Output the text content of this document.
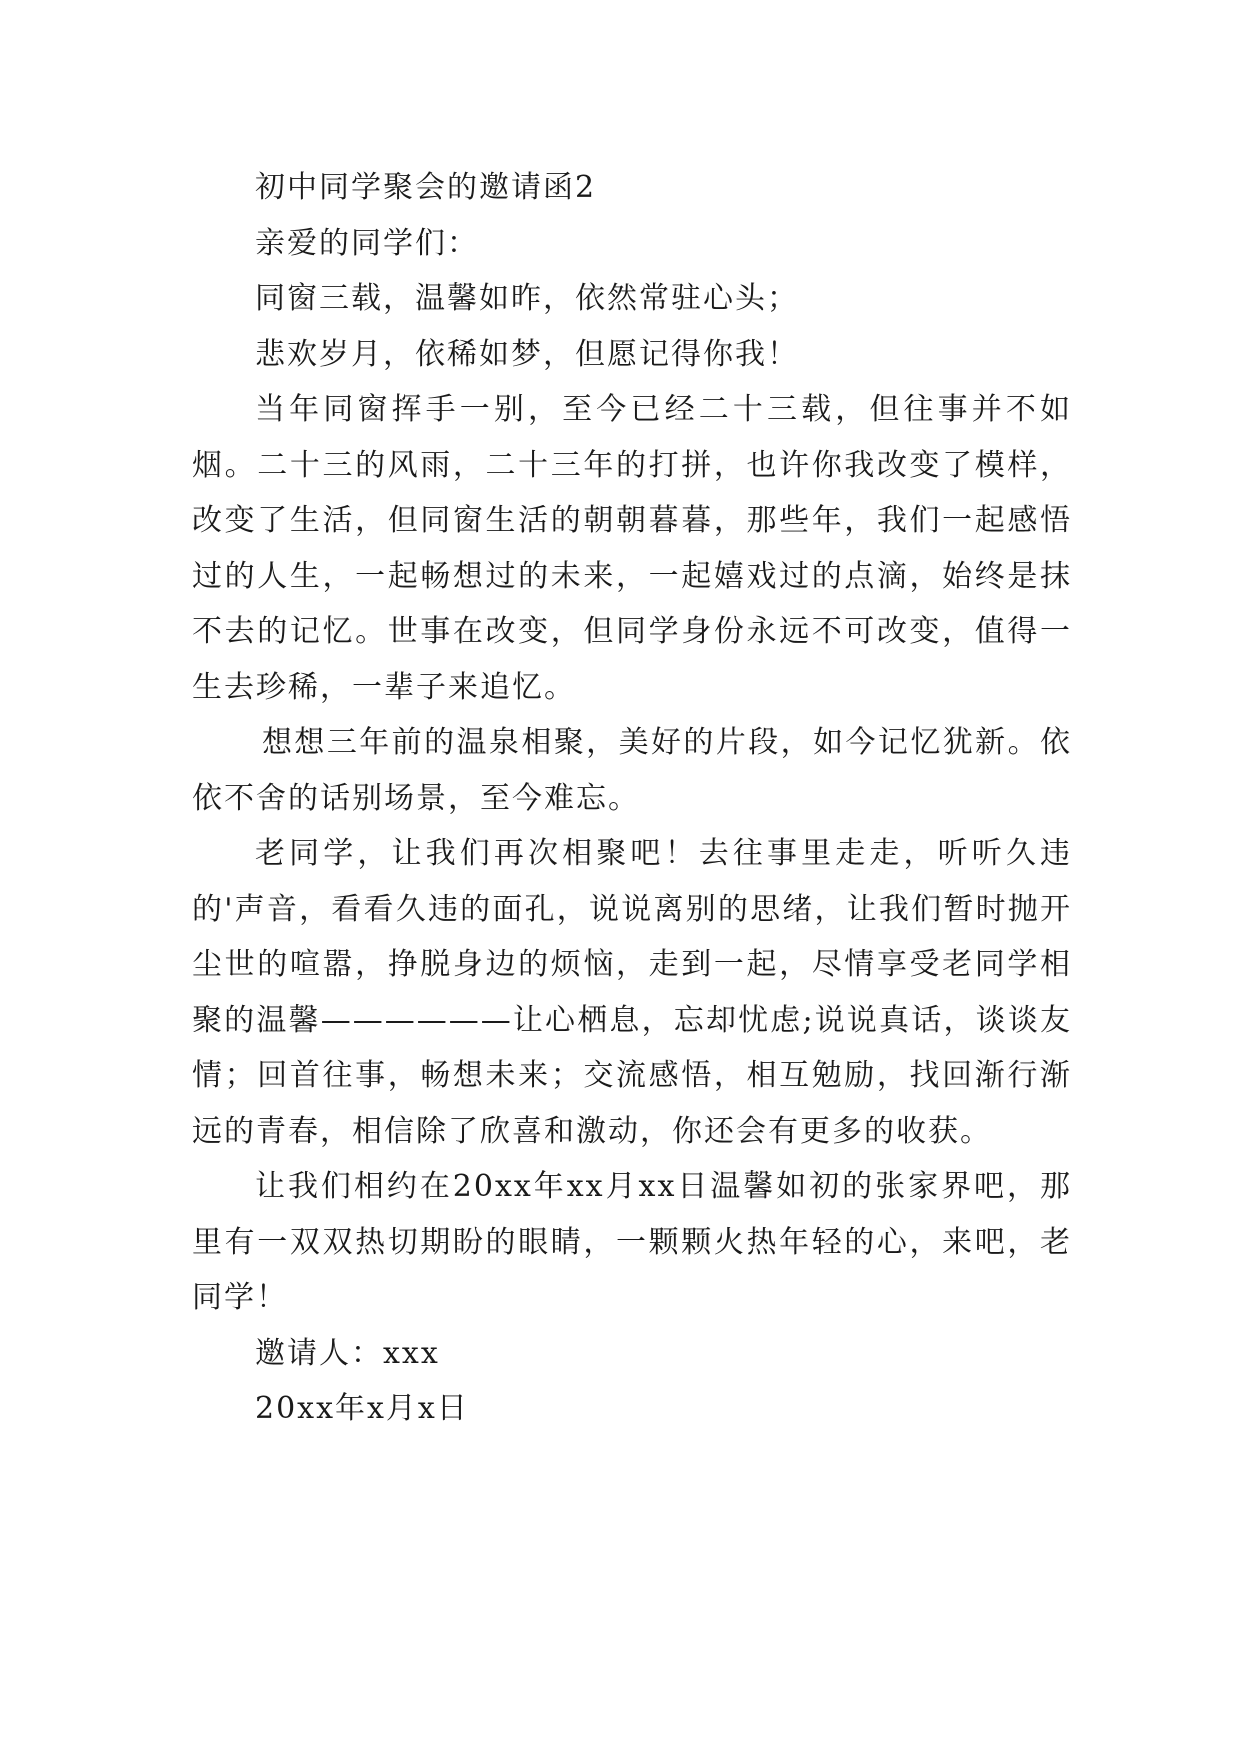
初中同学聚会的邀请函2

亲爱的同学们：

同窗三载，温馨如昨，依然常驻心头；

悲欢岁月，依稀如梦，但愿记得你我！

当年同窗挥手一别，至今已经二十三载，但往事并不如烟。二十三的风雨，二十三年的打拼，也许你我改变了模样，改变了生活，但同窗生活的朝朝暮暮，那些年，我们一起感悟过的人生，一起畅想过的未来，一起嬉戏过的点滴，始终是抹不去的记忆。世事在改变，但同学身份永远不可改变，值得一生去珍稀，一辈子来追忆。

想想三年前的温泉相聚，美好的片段，如今记忆犹新。依依不舍的话别场景，至今难忘。

老同学，让我们再次相聚吧！去往事里走走，听听久违的'声音，看看久违的面孔，说说离别的思绪，让我们暂时抛开尘世的喧嚣，挣脱身边的烦恼，走到一起，尽情享受老同学相聚的温馨——————让心栖息，忘却忧虑;说说真话，谈谈友情；回首往事，畅想未来；交流感悟，相互勉励，找回渐行渐远的青春，相信除了欣喜和激动，你还会有更多的收获。

让我们相约在20xx年xx月xx日温馨如初的张家界吧，那里有一双双热切期盼的眼睛，一颗颗火热年轻的心，来吧，老同学！

邀请人：xxx

20xx年x月x日
